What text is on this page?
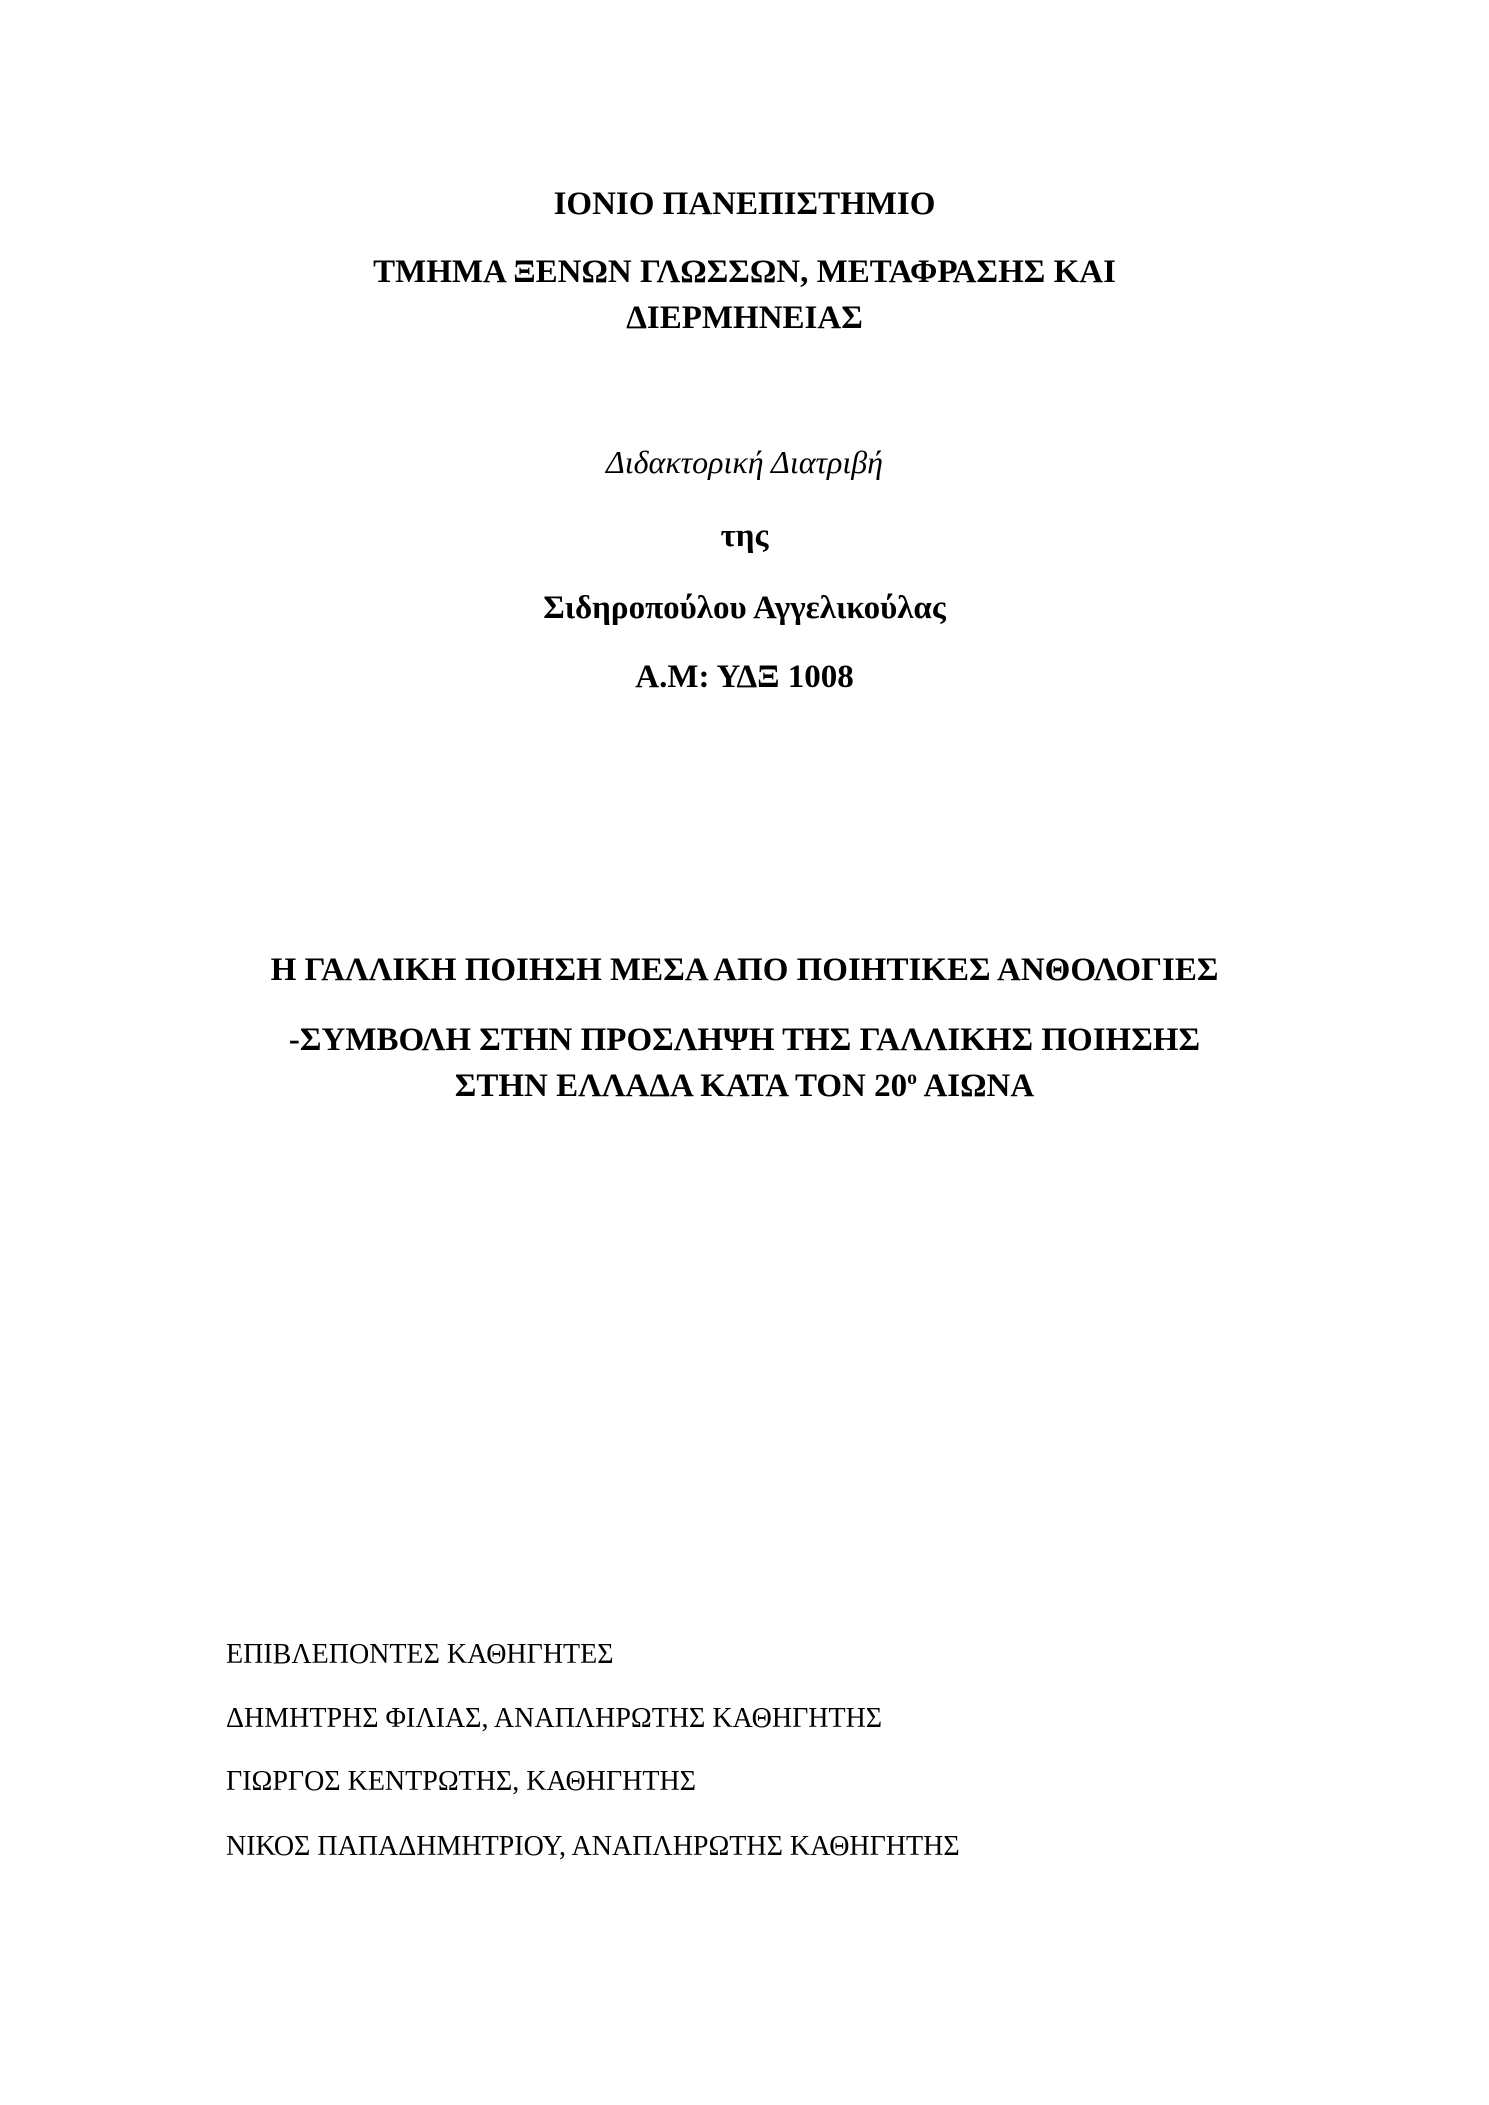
ΙΟΝΙΟ ΠΑΝΕΠΙΣΤΗΜΙΟ
ΤΜΗΜΑ ΞΕΝΩΝ ΓΛΩΣΣΩΝ, ΜΕΤΑΦΡΑΣΗΣ ΚΑΙ
ΔΙΕΡΜΗΝΕΙΑΣ
Διδακτορική Διατριβή
της
Σιδηροπούλου Αγγελικούλας
Α.Μ: ΥΔΞ 1008
Η ΓΑΛΛΙΚΗ ΠΟΙΗΣΗ ΜΕΣΑ ΑΠΟ ΠΟΙΗΤΙΚΕΣ ΑΝΘΟΛΟΓΙΕΣ
-ΣΥΜΒΟΛΗ ΣΤΗΝ ΠΡΟΣΛΗΨΗ ΤΗΣ ΓΑΛΛΙΚΗΣ ΠΟΙΗΣΗΣ
ΣΤΗΝ ΕΛΛΑΔΑ ΚΑΤΑ ΤΟΝ $20^o$ ΑΙΩΝΑ
ΕΠΙΒΛΕΠΟΝΤΕΣ ΚΑΘΗΓΗΤΕΣ
ΔΗΜΗΤΡΗΣ ΦΙΛΙΑΣ, ΑΝΑΠΛΗΡΩΤΗΣ ΚΑΘΗΓΗΤΗΣ
ΓΙΩΡΓΟΣ ΚΕΝΤΡΩΤΗΣ, ΚΑΘΗΓΗΤΗΣ
ΝΙΚΟΣ ΠΑΠΑΔΗΜΗΤΡΙΟΥ, ΑΝΑΠΛΗΡΩΤΗΣ ΚΑΘΗΓΗΤΗΣ
